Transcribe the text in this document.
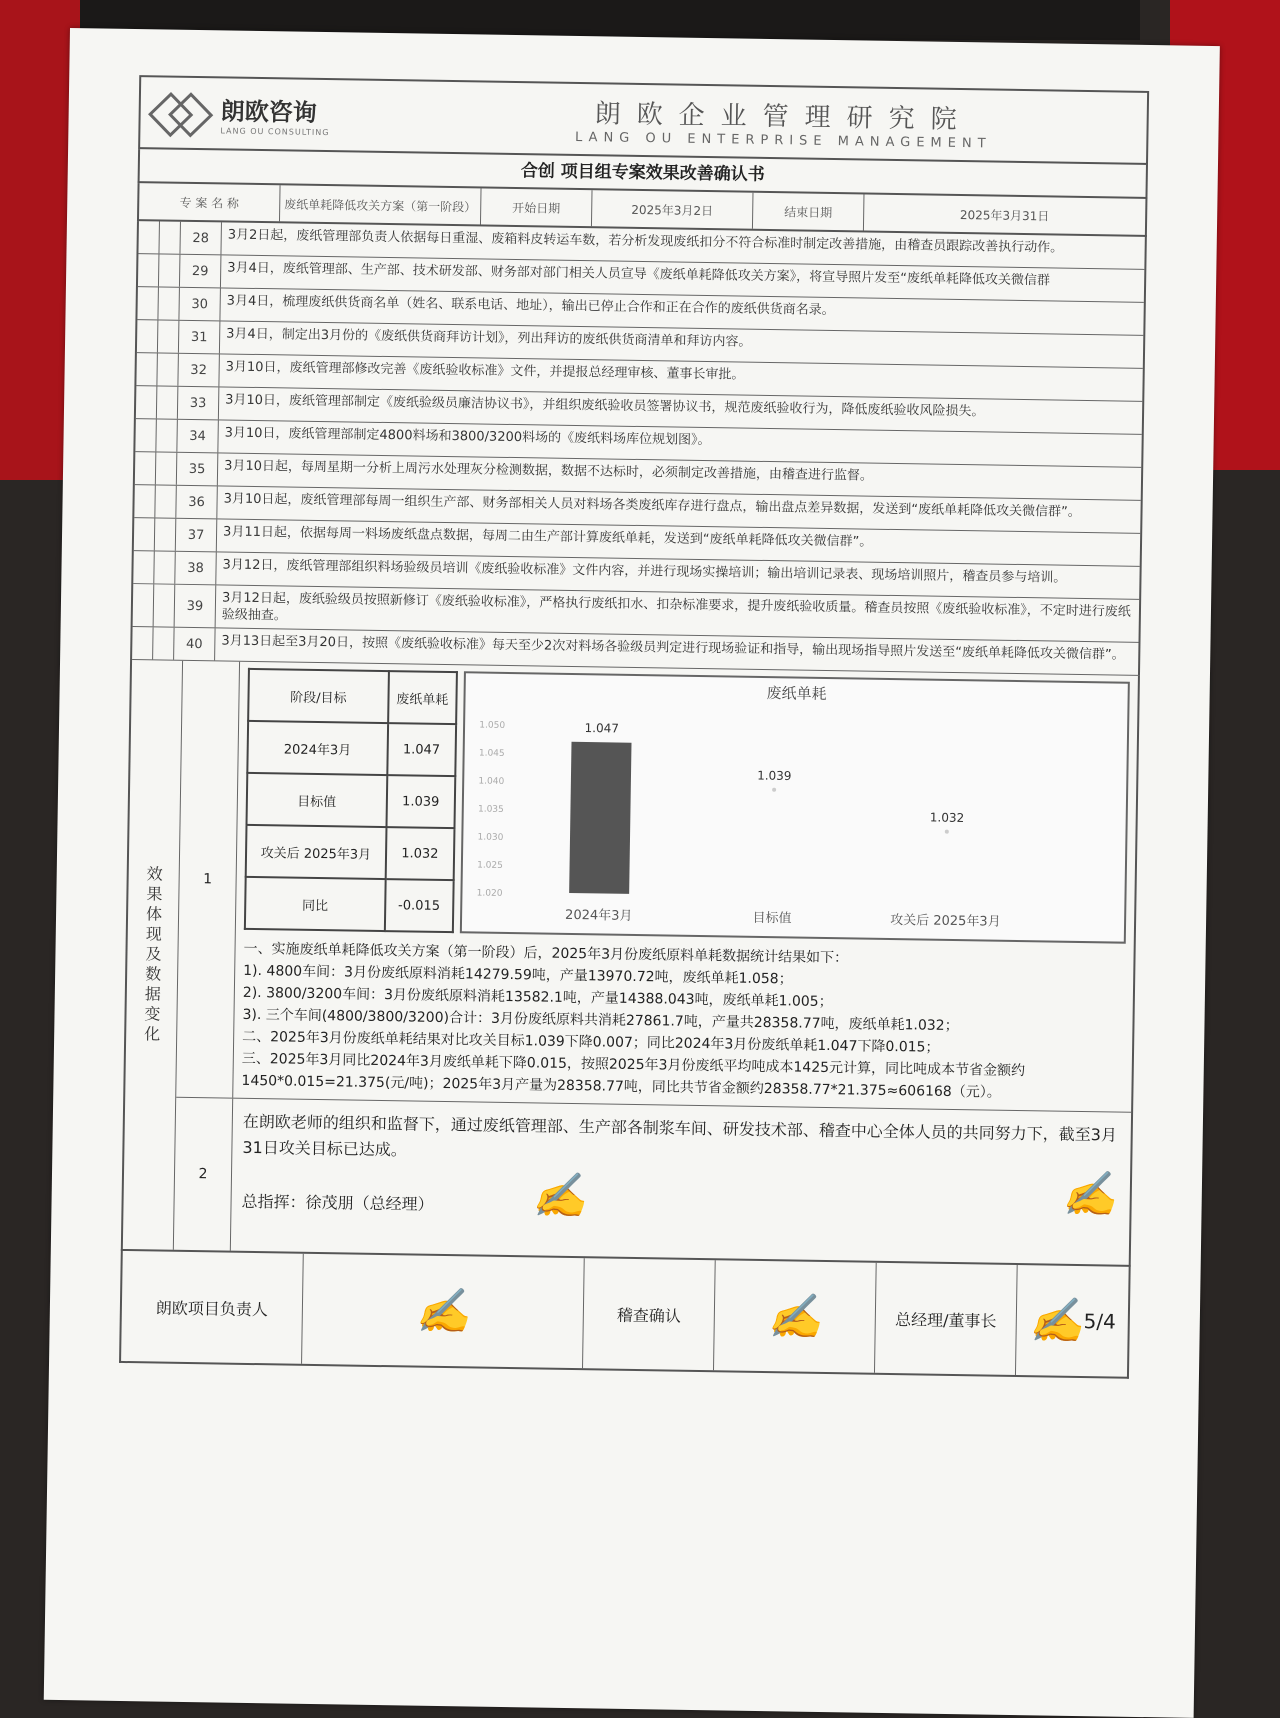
朗欧咨询
LANG OU CONSULTING	朗欧企业管理研究院
LANG OU ENTERPRISE MANAGEMENT
合创 项目组专案效果改善确认书
专 案 名 称	废纸单耗降低攻关方案（第一阶段）	开始日期	2025年3月2日	结束日期	2025年3月31日
28	3月2日起，废纸管理部负责人依据每日重湿、废箱料皮转运车数，若分析发现废纸扣分不符合标准时制定改善措施，由稽查员跟踪改善执行动作。
29	3月4日，废纸管理部、生产部、技术研发部、财务部对部门相关人员宣导《废纸单耗降低攻关方案》，将宣导照片发至“废纸单耗降低攻关微信群
30	3月4日，梳理废纸供货商名单（姓名、联系电话、地址），输出已停止合作和正在合作的废纸供货商名录。
31	3月4日，制定出3月份的《废纸供货商拜访计划》，列出拜访的废纸供货商清单和拜访内容。
32	3月10日，废纸管理部修改完善《废纸验收标准》文件，并提报总经理审核、董事长审批。
33	3月10日，废纸管理部制定《废纸验级员廉洁协议书》，并组织废纸验收员签署协议书，规范废纸验收行为，降低废纸验收风险损失。
34	3月10日，废纸管理部制定4800料场和3800/3200料场的《废纸料场库位规划图》。
35	3月10日起，每周星期一分析上周污水处理灰分检测数据，数据不达标时，必须制定改善措施，由稽查进行监督。
36	3月10日起，废纸管理部每周一组织生产部、财务部相关人员对料场各类废纸库存进行盘点，输出盘点差异数据，发送到“废纸单耗降低攻关微信群”。
37	3月11日起，依据每周一料场废纸盘点数据，每周二由生产部计算废纸单耗，发送到“废纸单耗降低攻关微信群”。
38	3月12日，废纸管理部组织料场验级员培训《废纸验收标准》文件内容，并进行现场实操培训；输出培训记录表、现场培训照片，稽查员参与培训。
39	3月12日起，废纸验级员按照新修订《废纸验收标准》，严格执行废纸扣水、扣杂标准要求，提升废纸验收质量。稽查员按照《废纸验收标准》，不定时进行废纸验级抽查。
40	3月13日起至3月20日，按照《废纸验收标准》每天至少2次对料场各验级员判定进行现场验证和指导，输出现场指导照片发送至“废纸单耗降低攻关微信群”。
效果体现及数据变化	1
阶段/目标	废纸单耗
2024年3月	1.047
目标值	1.039
攻关后 2025年3月	1.032
同比	-0.015
废纸单耗
1.050
1.045
1.040
1.035
1.030
1.025
1.020
1.047
2024年3月
1.039
目标值
1.032
攻关后 2025年3月
一、实施废纸单耗降低攻关方案（第一阶段）后，2025年3月份废纸原料单耗数据统计结果如下：
1). 4800车间：3月份废纸原料消耗14279.59吨，产量13970.72吨，废纸单耗1.058；
2). 3800/3200车间：3月份废纸原料消耗13582.1吨，产量14388.043吨，废纸单耗1.005；
3). 三个车间(4800/3800/3200)合计：3月份废纸原料共消耗27861.7吨，产量共28358.77吨，废纸单耗1.032；
二、2025年3月份废纸单耗结果对比攻关目标1.039下降0.007；同比2024年3月份废纸单耗1.047下降0.015；
三、2025年3月同比2024年3月废纸单耗下降0.015，按照2025年3月份废纸平均吨成本1425元计算，同比吨成本节省金额约1450*0.015=21.375(元/吨)；2025年3月产量为28358.77吨，同比共节省金额约28358.77*21.375≈606168（元）。
2
在朗欧老师的组织和监督下，通过废纸管理部、生产部各制浆车间、研发技术部、稽查中心全体人员的共同努力下，截至3月31日攻关目标已达成。
总指挥：徐茂朋（总经理）	✍	✍
朗欧项目负责人	✍	稽查确认	✍	总经理/董事长 ✍ 5/4
